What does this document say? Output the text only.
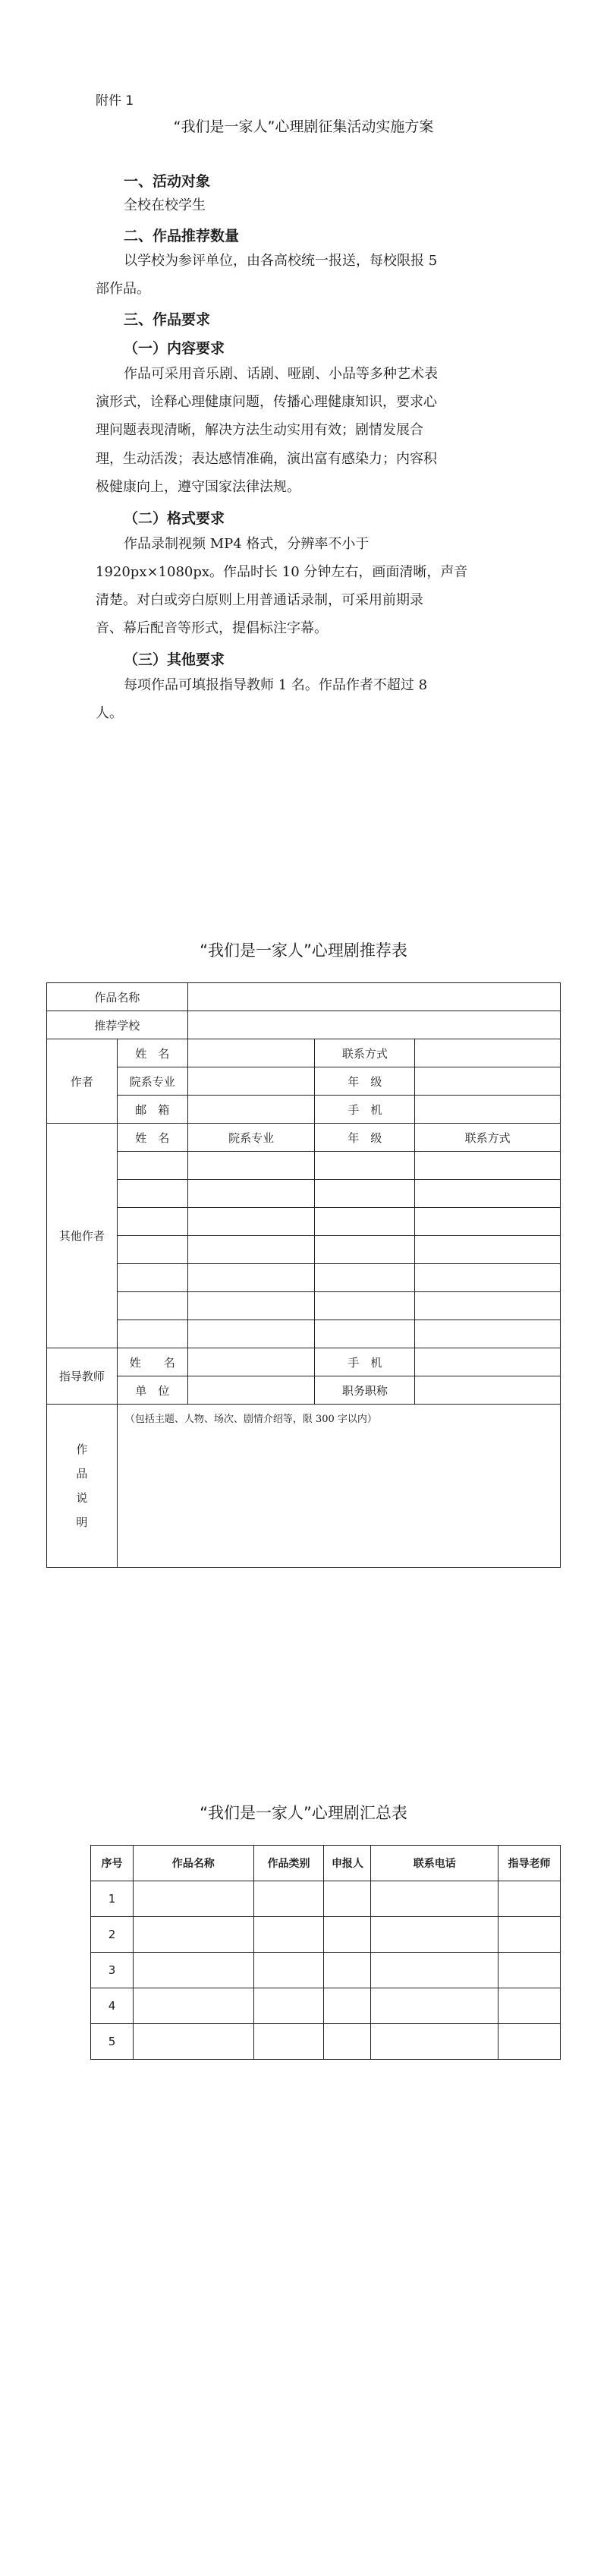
附件 1
“我们是一家人”心理剧征集活动实施方案
一、活动对象
全校在校学生
二、作品推荐数量
以学校为参评单位，由各高校统一报送，每校限报 5
部作品。
三、作品要求
（一）内容要求
作品可采用音乐剧、话剧、哑剧、小品等多种艺术表
演形式，诠释心理健康问题，传播心理健康知识，要求心
理问题表现清晰，解决方法生动实用有效；剧情发展合
理，生动活泼；表达感情准确，演出富有感染力；内容积
极健康向上，遵守国家法律法规。
（二）格式要求
作品录制视频 MP4 格式，分辨率不小于
1920px×1080px。作品时长 10 分钟左右，画面清晰，声音
清楚。对白或旁白原则上用普通话录制，可采用前期录
音、幕后配音等形式，提倡标注字幕。
（三）其他要求
每项作品可填报指导教师 1 名。作品作者不超过 8
人。
“我们是一家人”心理剧推荐表
作品名称				
推荐学校				
作者	姓　名		联系方式	
	院系专业		年　级	
	邮　箱		手　机	
其他作者	姓　名	院系专业	年　级	联系方式

指导教师	姓　　名		手　机	
	单　位		职务职称	

作
品
说
明	（包括主题、人物、场次、剧情介绍等，限 300 字以内）			
“我们是一家人”心理剧汇总表
序号	作品名称	作品类别	申报人	联系电话	指导老师
1					
2					
3					
4					
5					
